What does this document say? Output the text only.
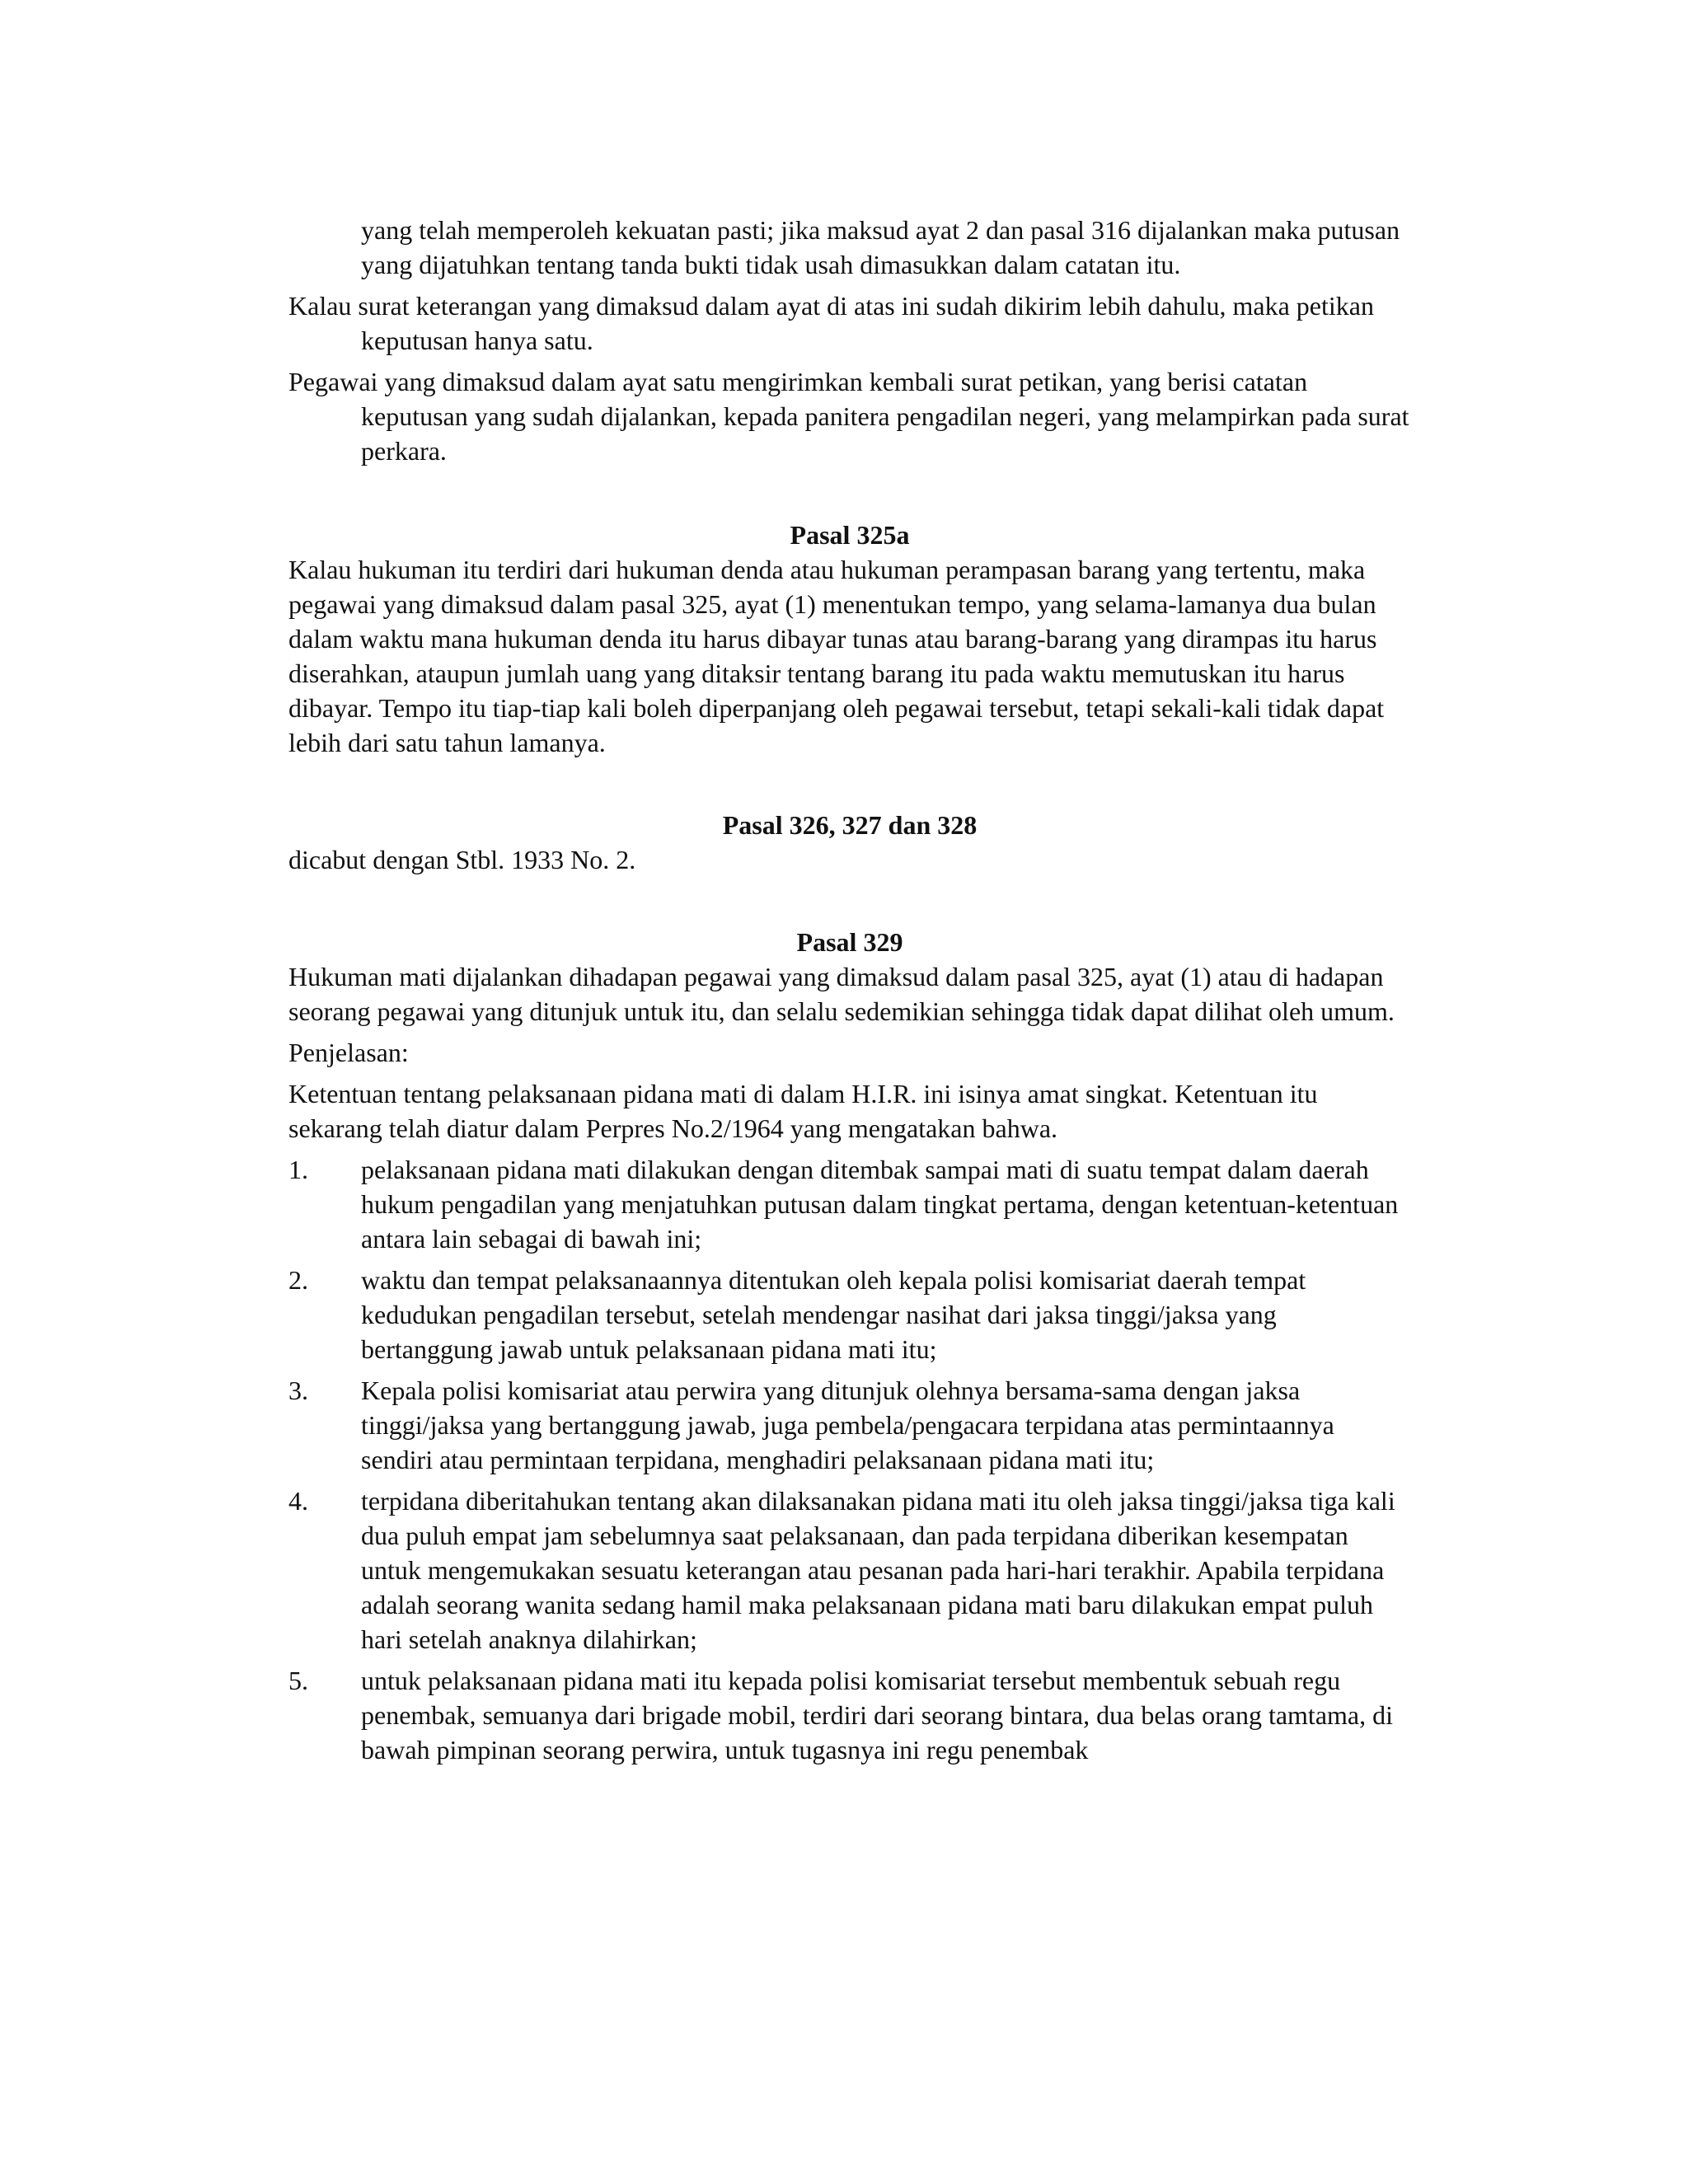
yang telah memperoleh kekuatan pasti; jika maksud ayat 2 dan pasal 316 dijalankan maka putusan yang dijatuhkan tentang tanda bukti tidak usah dimasukkan dalam catatan itu.

Kalau surat keterangan yang dimaksud dalam ayat di atas ini sudah dikirim lebih dahulu, maka petikan keputusan hanya satu.

Pegawai yang dimaksud dalam ayat satu mengirimkan kembali surat petikan, yang berisi catatan keputusan yang sudah dijalankan, kepada panitera pengadilan negeri, yang melampirkan pada surat perkara.

Pasal 325a

Kalau hukuman itu terdiri dari hukuman denda atau hukuman perampasan barang yang tertentu, maka pegawai yang dimaksud dalam pasal 325, ayat (1) menentukan tempo, yang selama-lamanya dua bulan dalam waktu mana hukuman denda itu harus dibayar tunas atau barang-barang yang dirampas itu harus diserahkan, ataupun jumlah uang yang ditaksir tentang barang itu pada waktu memutuskan itu harus dibayar. Tempo itu tiap-tiap kali boleh diperpanjang oleh pegawai tersebut, tetapi sekali-kali tidak dapat lebih dari satu tahun lamanya.

Pasal 326, 327 dan 328

dicabut dengan Stbl. 1933 No. 2.

Pasal 329

Hukuman mati dijalankan dihadapan pegawai yang dimaksud dalam pasal 325, ayat (1) atau di hadapan seorang pegawai yang ditunjuk untuk itu, dan selalu sedemikian sehingga tidak dapat dilihat oleh umum.

Penjelasan:

Ketentuan tentang pelaksanaan pidana mati di dalam H.I.R. ini isinya amat singkat. Ketentuan itu sekarang telah diatur dalam Perpres No.2/1964 yang mengatakan bahwa.

1. pelaksanaan pidana mati dilakukan dengan ditembak sampai mati di suatu tempat dalam daerah hukum pengadilan yang menjatuhkan putusan dalam tingkat pertama, dengan ketentuan-ketentuan antara lain sebagai di bawah ini;
2. waktu dan tempat pelaksanaannya ditentukan oleh kepala polisi komisariat daerah tempat kedudukan pengadilan tersebut, setelah mendengar nasihat dari jaksa tinggi/jaksa yang bertanggung jawab untuk pelaksanaan pidana mati itu;
3. Kepala polisi komisariat atau perwira yang ditunjuk olehnya bersama-sama dengan jaksa tinggi/jaksa yang bertanggung jawab, juga pembela/pengacara terpidana atas permintaannya sendiri atau permintaan terpidana, menghadiri pelaksanaan pidana mati itu;
4. terpidana diberitahukan tentang akan dilaksanakan pidana mati itu oleh jaksa tinggi/jaksa tiga kali dua puluh empat jam sebelumnya saat pelaksanaan, dan pada terpidana diberikan kesempatan untuk mengemukakan sesuatu keterangan atau pesanan pada hari-hari terakhir. Apabila terpidana adalah seorang wanita sedang hamil maka pelaksanaan pidana mati baru dilakukan empat puluh hari setelah anaknya dilahirkan;
5. untuk pelaksanaan pidana mati itu kepada polisi komisariat tersebut membentuk sebuah regu penembak, semuanya dari brigade mobil, terdiri dari seorang bintara, dua belas orang tamtama, di bawah pimpinan seorang perwira, untuk tugasnya ini regu penembak
